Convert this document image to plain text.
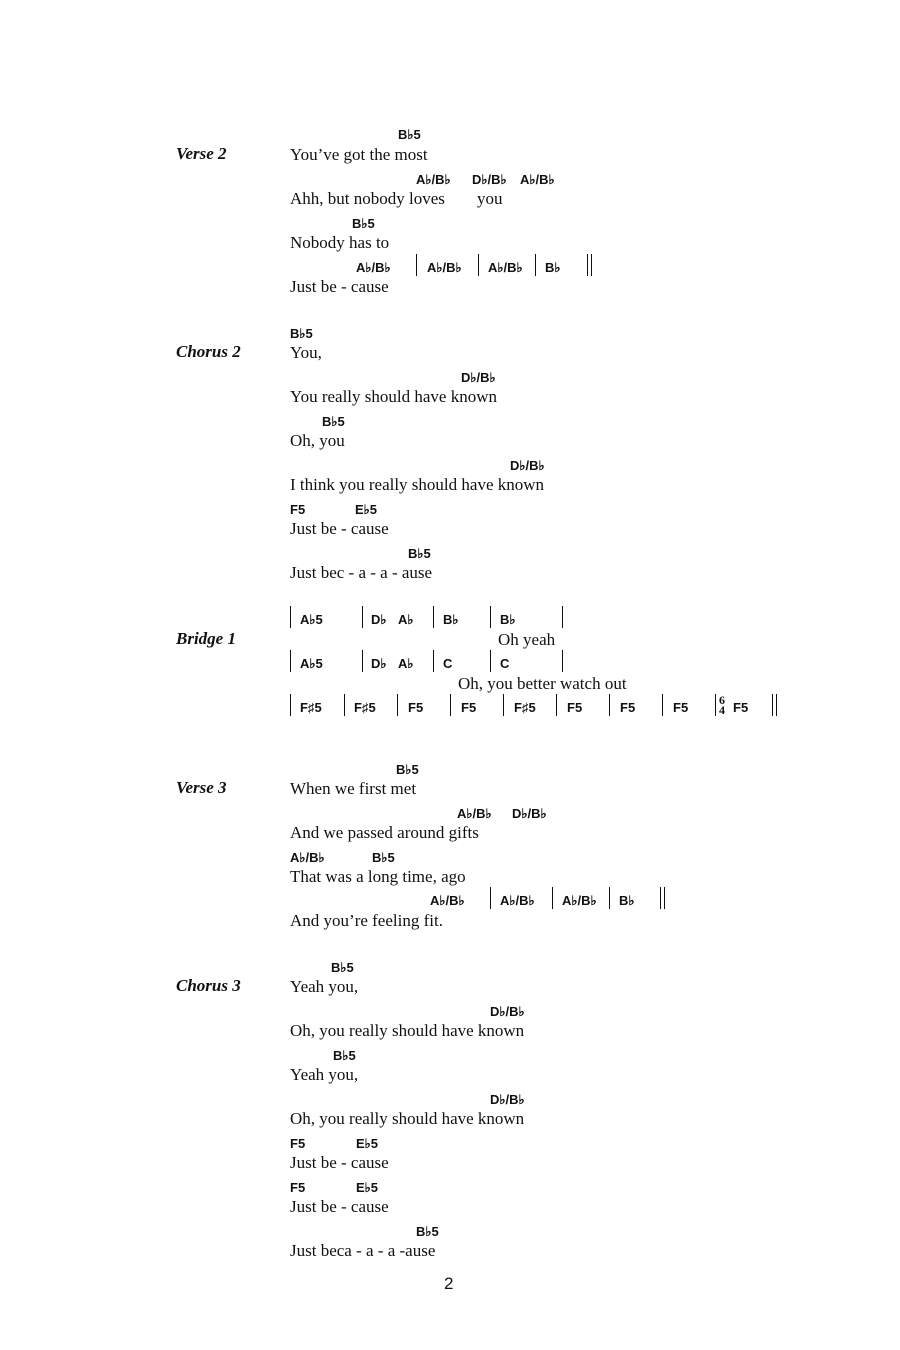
Verse 2
B♭5
You’ve got the most
A♭/B♭ D♭/B♭ A♭/B♭
Ahh, but nobody loves you
B♭5
Nobody has to
A♭/B♭	A♭/B♭ A♭/B♭ B♭
Just be - cause
Chorus 2
B♭5
You,
D♭/B♭
You really should have known
B♭5
Oh, you
D♭/B♭
I think you really should have known
F5	E♭5
Just be - cause
B♭5
Just bec - a - a - ause
Bridge 1
A♭5	D♭ A♭ B♭	B♭
Oh yeah
A♭5	D♭ A♭ C	C
Oh, you better watch out
F♯5 F♯5 F5	F5	F♯5 F5	F5	F5	6
4 F5
Verse 3
B♭5
When we first met
A♭/B♭ D♭/B♭
And we passed around gifts
A♭/B♭	B♭5
That was a long time, ago
A♭/B♭	A♭/B♭ A♭/B♭ B♭
And you’re feeling fit.
Chorus 3
B♭5
Yeah you,
D♭/B♭
Oh, you really should have known
B♭5
Yeah you,
D♭/B♭
Oh, you really should have known
F5	E♭5
Just be - cause
F5	E♭5
Just be - cause
B♭5
Just beca - a - a -ause
2
